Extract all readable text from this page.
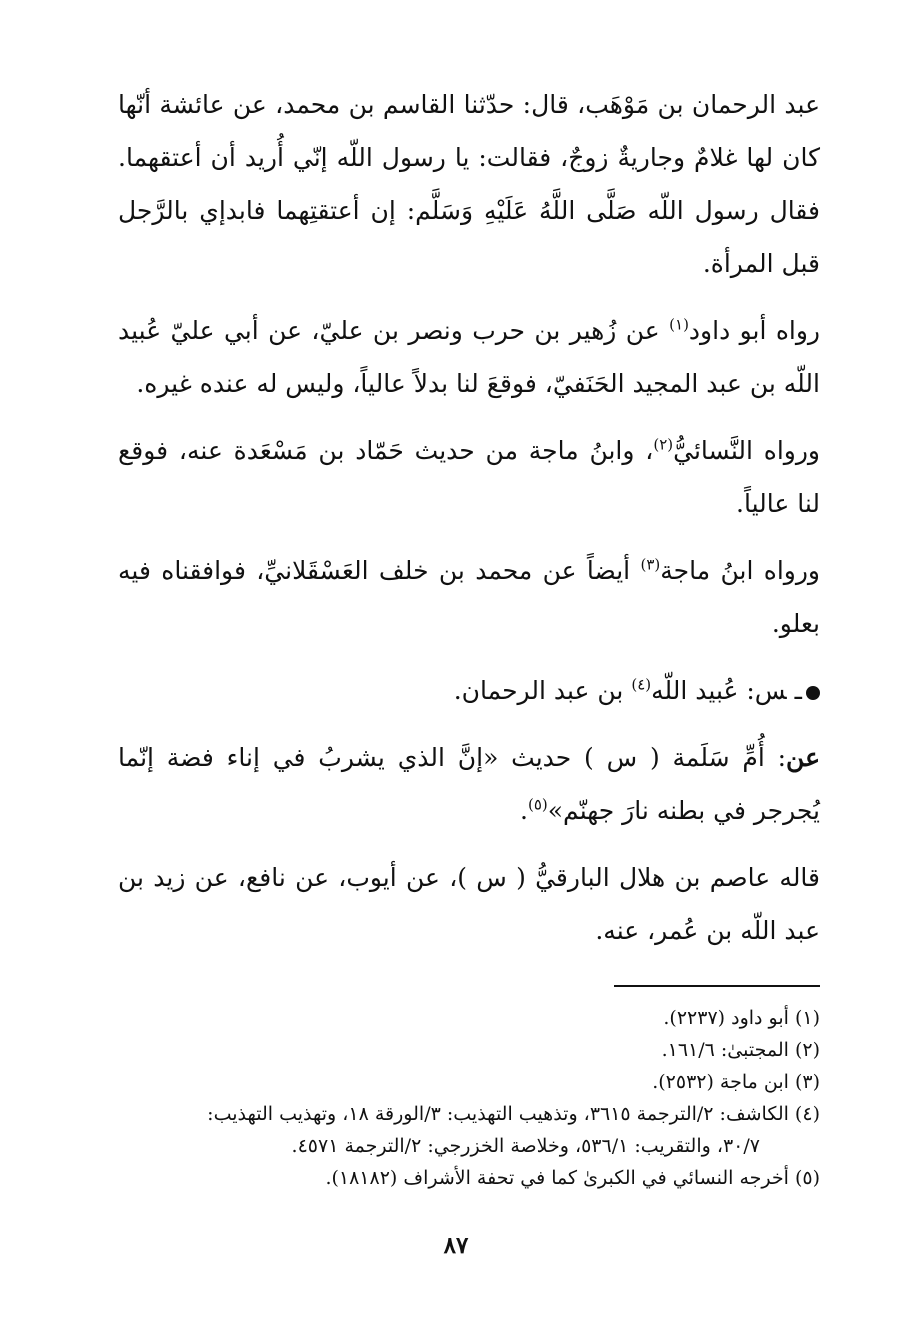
عبد الرحمان بن مَوْهَب، قال: حدّثنا القاسم بن محمد، عن عائشة أنّها كان لها غلامٌ وجاريةٌ زوجٌ، فقالت: يا رسول اللّه إنّي أُريد أن أعتقهما. فقال رسول اللّه صَلَّى اللَّهُ عَلَيْهِ وَسَلَّم: إن أعتقتِهما فابدإي بالرَّجل قبل المرأة.

رواه أبو داود$^{(١)}$ عن زُهير بن حرب ونصر بن عليّ، عن أبي عليّ عُبيد اللّه بن عبد المجيد الحَنَفيّ، فوقعَ لنا بدلاً عالياً، وليس له عنده غيره.

ورواه النَّسائيُّ$^{(٢)}$، وابنُ ماجة من حديث حَمّاد بن مَسْعَدة عنه، فوقع لنا عالياً.

ورواه ابنُ ماجة$^{(٣)}$ أيضاً عن محمد بن خلف العَسْقَلانيِّ، فوافقناه فيه بعلو.

ـس: عُبيد اللّه$^{(٤)}$ بن عبد الرحمان.

عن: أُمِّ سَلَمة ( س ) حديث «إنَّ الذي يشربُ في إناء فضة إنّما يُجرجر في بطنه نارَ جهنّم»$^{(٥)}$.

قاله عاصم بن هلال البارقيُّ ( س )، عن أيوب، عن نافع، عن زيد بن عبد اللّه بن عُمر، عنه.

(١) أبو داود (٢٢٣٧).

(٢) المجتبىٰ: ١٦١/٦.

(٣) ابن ماجة (٢٥٣٢).

(٤) الكاشف: ٢/الترجمة ٣٦١٥، وتذهيب التهذيب: ٣/الورقة ١٨، وتهذيب التهذيب:

٣٠/٧، والتقريب: ٥٣٦/١، وخلاصة الخزرجي: ٢/الترجمة ٤٥٧١.

(٥) أخرجه النسائي في الكبرىٰ كما في تحفة الأشراف (١٨١٨٢).

٨٧
